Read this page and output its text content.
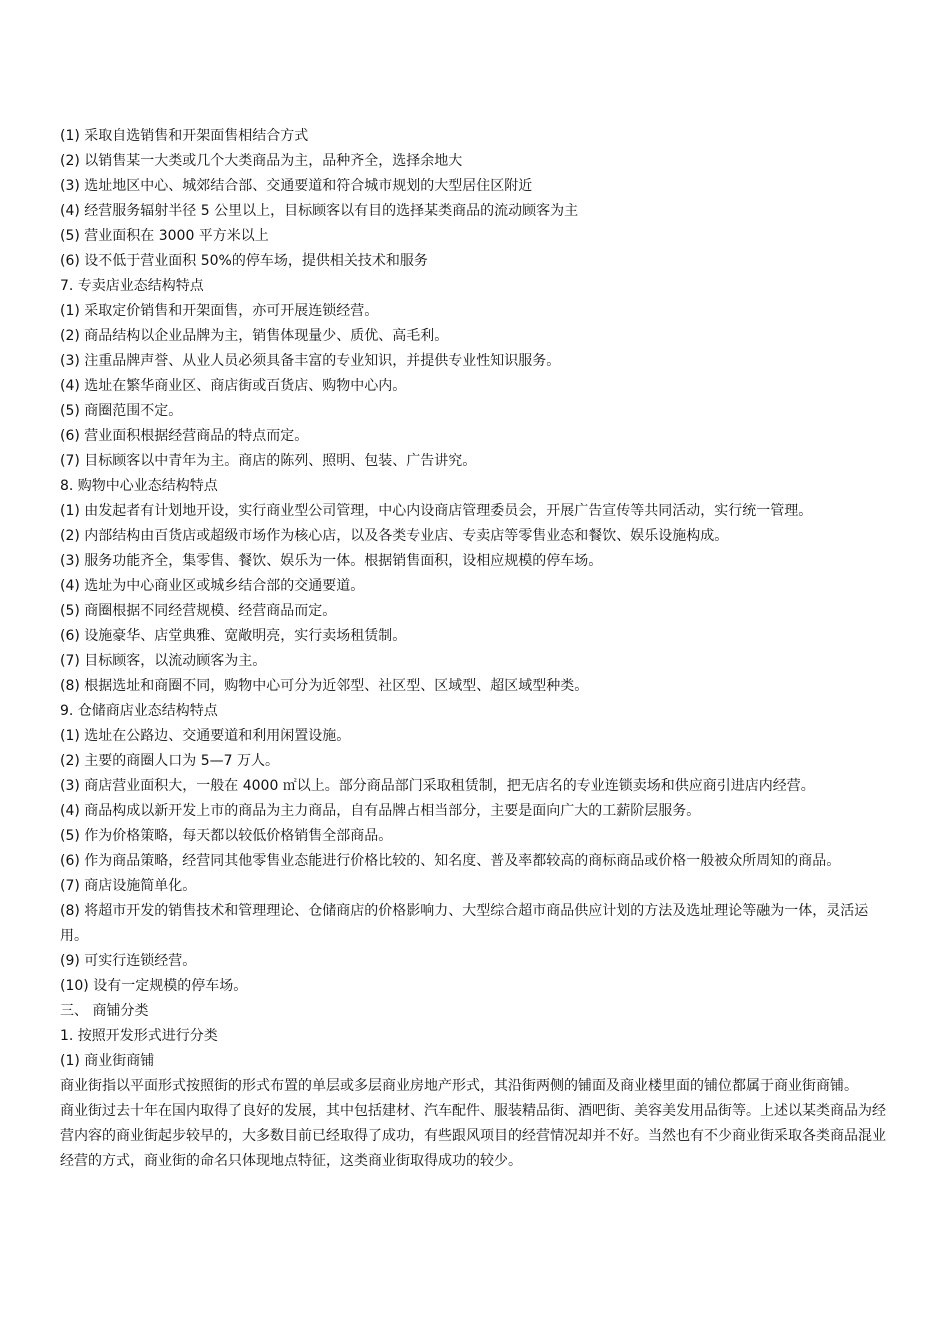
(1) 采取自选销售和开架面售相结合方式

(2) 以销售某一大类或几个大类商品为主，品种齐全，选择余地大

(3) 选址地区中心、城郊结合部、交通要道和符合城市规划的大型居住区附近

(4) 经营服务辐射半径 5 公里以上，目标顾客以有目的选择某类商品的流动顾客为主

(5) 营业面积在 3000 平方米以上

(6) 设不低于营业面积 50%的停车场，提供相关技术和服务

7. 专卖店业态结构特点

(1) 采取定价销售和开架面售，亦可开展连锁经营。

(2) 商品结构以企业品牌为主，销售体现量少、质优、高毛利。

(3) 注重品牌声誉、从业人员必须具备丰富的专业知识，并提供专业性知识服务。

(4) 选址在繁华商业区、商店街或百货店、购物中心内。

(5) 商圈范围不定。

(6) 营业面积根据经营商品的特点而定。

(7) 目标顾客以中青年为主。商店的陈列、照明、包装、广告讲究。

8. 购物中心业态结构特点

(1) 由发起者有计划地开设，实行商业型公司管理，中心内设商店管理委员会，开展广告宣传等共同活动，实行统一管理。

(2) 内部结构由百货店或超级市场作为核心店，以及各类专业店、专卖店等零售业态和餐饮、娱乐设施构成。

(3) 服务功能齐全，集零售、餐饮、娱乐为一体。根据销售面积，设相应规模的停车场。

(4) 选址为中心商业区或城乡结合部的交通要道。

(5) 商圈根据不同经营规模、经营商品而定。

(6) 设施豪华、店堂典雅、宽敞明亮，实行卖场租赁制。

(7) 目标顾客，以流动顾客为主。

(8) 根据选址和商圈不同，购物中心可分为近邻型、社区型、区域型、超区域型种类。

9. 仓储商店业态结构特点

(1) 选址在公路边、交通要道和利用闲置设施。

(2) 主要的商圈人口为 5—7 万人。

(3) 商店营业面积大，一般在 4000 ㎡以上。部分商品部门采取租赁制，把无店名的专业连锁卖场和供应商引进店内经营。

(4) 商品构成以新开发上市的商品为主力商品，自有品牌占相当部分，主要是面向广大的工薪阶层服务。

(5) 作为价格策略，每天都以较低价格销售全部商品。

(6) 作为商品策略，经营同其他零售业态能进行价格比较的、知名度、普及率都较高的商标商品或价格一般被众所周知的商品。

(7) 商店设施简单化。

(8) 将超市开发的销售技术和管理理论、仓储商店的价格影响力、大型综合超市商品供应计划的方法及选址理论等融为一体，灵活运用。

(9) 可实行连锁经营。

(10) 设有一定规模的停车场。

三、 商铺分类

1. 按照开发形式进行分类

(1) 商业街商铺

商业街指以平面形式按照街的形式布置的单层或多层商业房地产形式，其沿街两侧的铺面及商业楼里面的铺位都属于商业街商铺。

商业街过去十年在国内取得了良好的发展，其中包括建材、汽车配件、服装精品街、酒吧街、美容美发用品街等。上述以某类商品为经营内容的商业街起步较早的，大多数目前已经取得了成功，有些跟风项目的经营情况却并不好。当然也有不少商业街采取各类商品混业经营的方式，商业街的命名只体现地点特征，这类商业街取得成功的较少。
